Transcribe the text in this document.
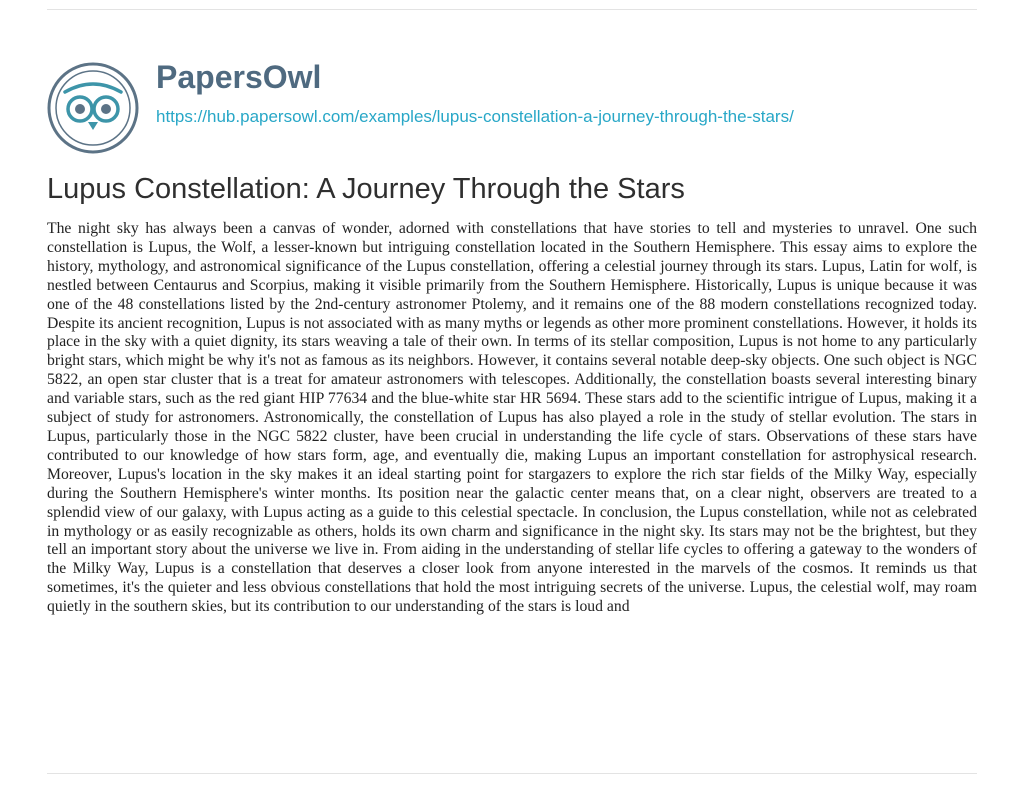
PapersOwl
https://hub.papersowl.com/examples/lupus-constellation-a-journey-through-the-stars/
Lupus Constellation: A Journey Through the Stars

The night sky has always been a canvas of wonder, adorned with constellations that have stories to tell and mysteries to unravel. One such constellation is Lupus, the Wolf, a lesser-known but intriguing constellation located in the Southern Hemisphere. This essay aims to explore the history, mythology, and astronomical significance of the Lupus constellation, offering a celestial journey through its stars. Lupus, Latin for wolf, is nestled between Centaurus and Scorpius, making it visible primarily from the Southern Hemisphere. Historically, Lupus is unique because it was one of the 48 constellations listed by the 2nd-century astronomer Ptolemy, and it remains one of the 88 modern constellations recognized today. Despite its ancient recognition, Lupus is not associated with as many myths or legends as other more prominent constellations. However, it holds its place in the sky with a quiet dignity, its stars weaving a tale of their own. In terms of its stellar composition, Lupus is not home to any particularly bright stars, which might be why it's not as famous as its neighbors. However, it contains several notable deep-sky objects. One such object is NGC 5822, an open star cluster that is a treat for amateur astronomers with telescopes. Additionally, the constellation boasts several interesting binary and variable stars, such as the red giant HIP 77634 and the blue-white star HR 5694. These stars add to the scientific intrigue of Lupus, making it a subject of study for astronomers. Astronomically, the constellation of Lupus has also played a role in the study of stellar evolution. The stars in Lupus, particularly those in the NGC 5822 cluster, have been crucial in understanding the life cycle of stars. Observations of these stars have contributed to our knowledge of how stars form, age, and eventually die, making Lupus an important constellation for astrophysical research. Moreover, Lupus's location in the sky makes it an ideal starting point for stargazers to explore the rich star fields of the Milky Way, especially during the Southern Hemisphere's winter months. Its position near the galactic center means that, on a clear night, observers are treated to a splendid view of our galaxy, with Lupus acting as a guide to this celestial spectacle. In conclusion, the Lupus constellation, while not as celebrated in mythology or as easily recognizable as others, holds its own charm and significance in the night sky. Its stars may not be the brightest, but they tell an important story about the universe we live in. From aiding in the understanding of stellar life cycles to offering a gateway to the wonders of the Milky Way, Lupus is a constellation that deserves a closer look from anyone interested in the marvels of the cosmos. It reminds us that sometimes, it's the quieter and less obvious constellations that hold the most intriguing secrets of the universe. Lupus, the celestial wolf, may roam quietly in the southern skies, but its contribution to our understanding of the stars is loud and
